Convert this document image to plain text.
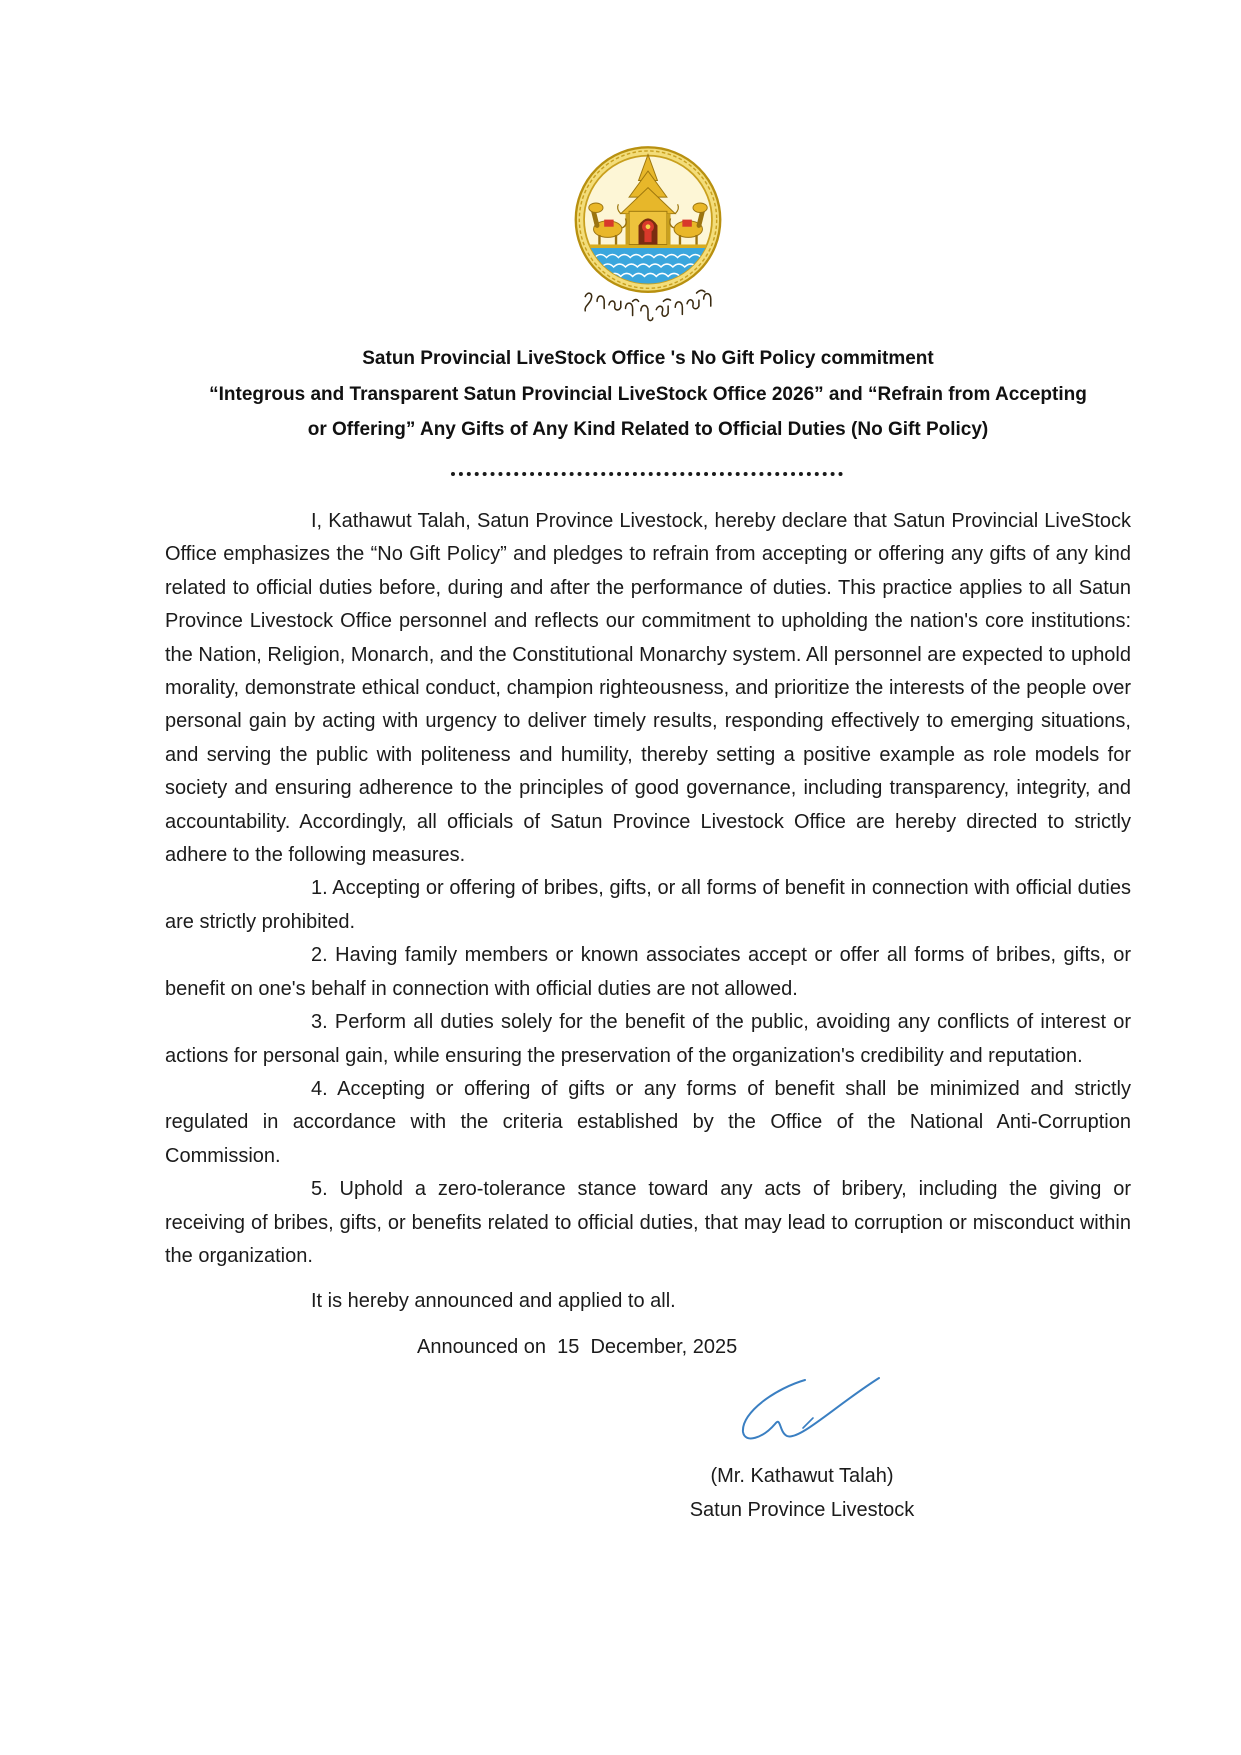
Satun Provincial LiveStock Office 's No Gift Policy commitment
“Integrous and Transparent Satun Provincial LiveStock Office 2026” and “Refrain from Accepting
or Offering” Any Gifts of Any Kind Related to Official Duties (No Gift Policy)

I, Kathawut Talah, Satun Province Livestock, hereby declare that Satun Provincial LiveStock Office emphasizes the “No Gift Policy” and pledges to refrain from accepting or offering any gifts of any kind related to official duties before, during and after the performance of duties. This practice applies to all Satun Province Livestock Office personnel and reflects our commitment to upholding the nation's core institutions: the Nation, Religion, Monarch, and the Constitutional Monarchy system. All personnel are expected to uphold morality, demonstrate ethical conduct, champion righteousness, and prioritize the interests of the people over personal gain by acting with urgency to deliver timely results, responding effectively to emerging situations, and serving the public with politeness and humility, thereby setting a positive example as role models for society and ensuring adherence to the principles of good governance, including transparency, integrity, and accountability. Accordingly, all officials of Satun Province Livestock Office are hereby directed to strictly adhere to the following measures.

1. Accepting or offering of bribes, gifts, or all forms of benefit in connection with official duties are strictly prohibited.

2. Having family members or known associates accept or offer all forms of bribes, gifts, or benefit on one's behalf in connection with official duties are not allowed.

3. Perform all duties solely for the benefit of the public, avoiding any conflicts of interest or actions for personal gain, while ensuring the preservation of the organization's credibility and reputation.

4. Accepting or offering of gifts or any forms of benefit shall be minimized and strictly regulated in accordance with the criteria established by the Office of the National Anti-Corruption Commission.

5. Uphold a zero-tolerance stance toward any acts of bribery, including the giving or receiving of bribes, gifts, or benefits related to official duties, that may lead to corruption or misconduct within the organization.

It is hereby announced and applied to all.

Announced on  15  December, 2025
(Mr. Kathawut Talah)
Satun Province Livestock
